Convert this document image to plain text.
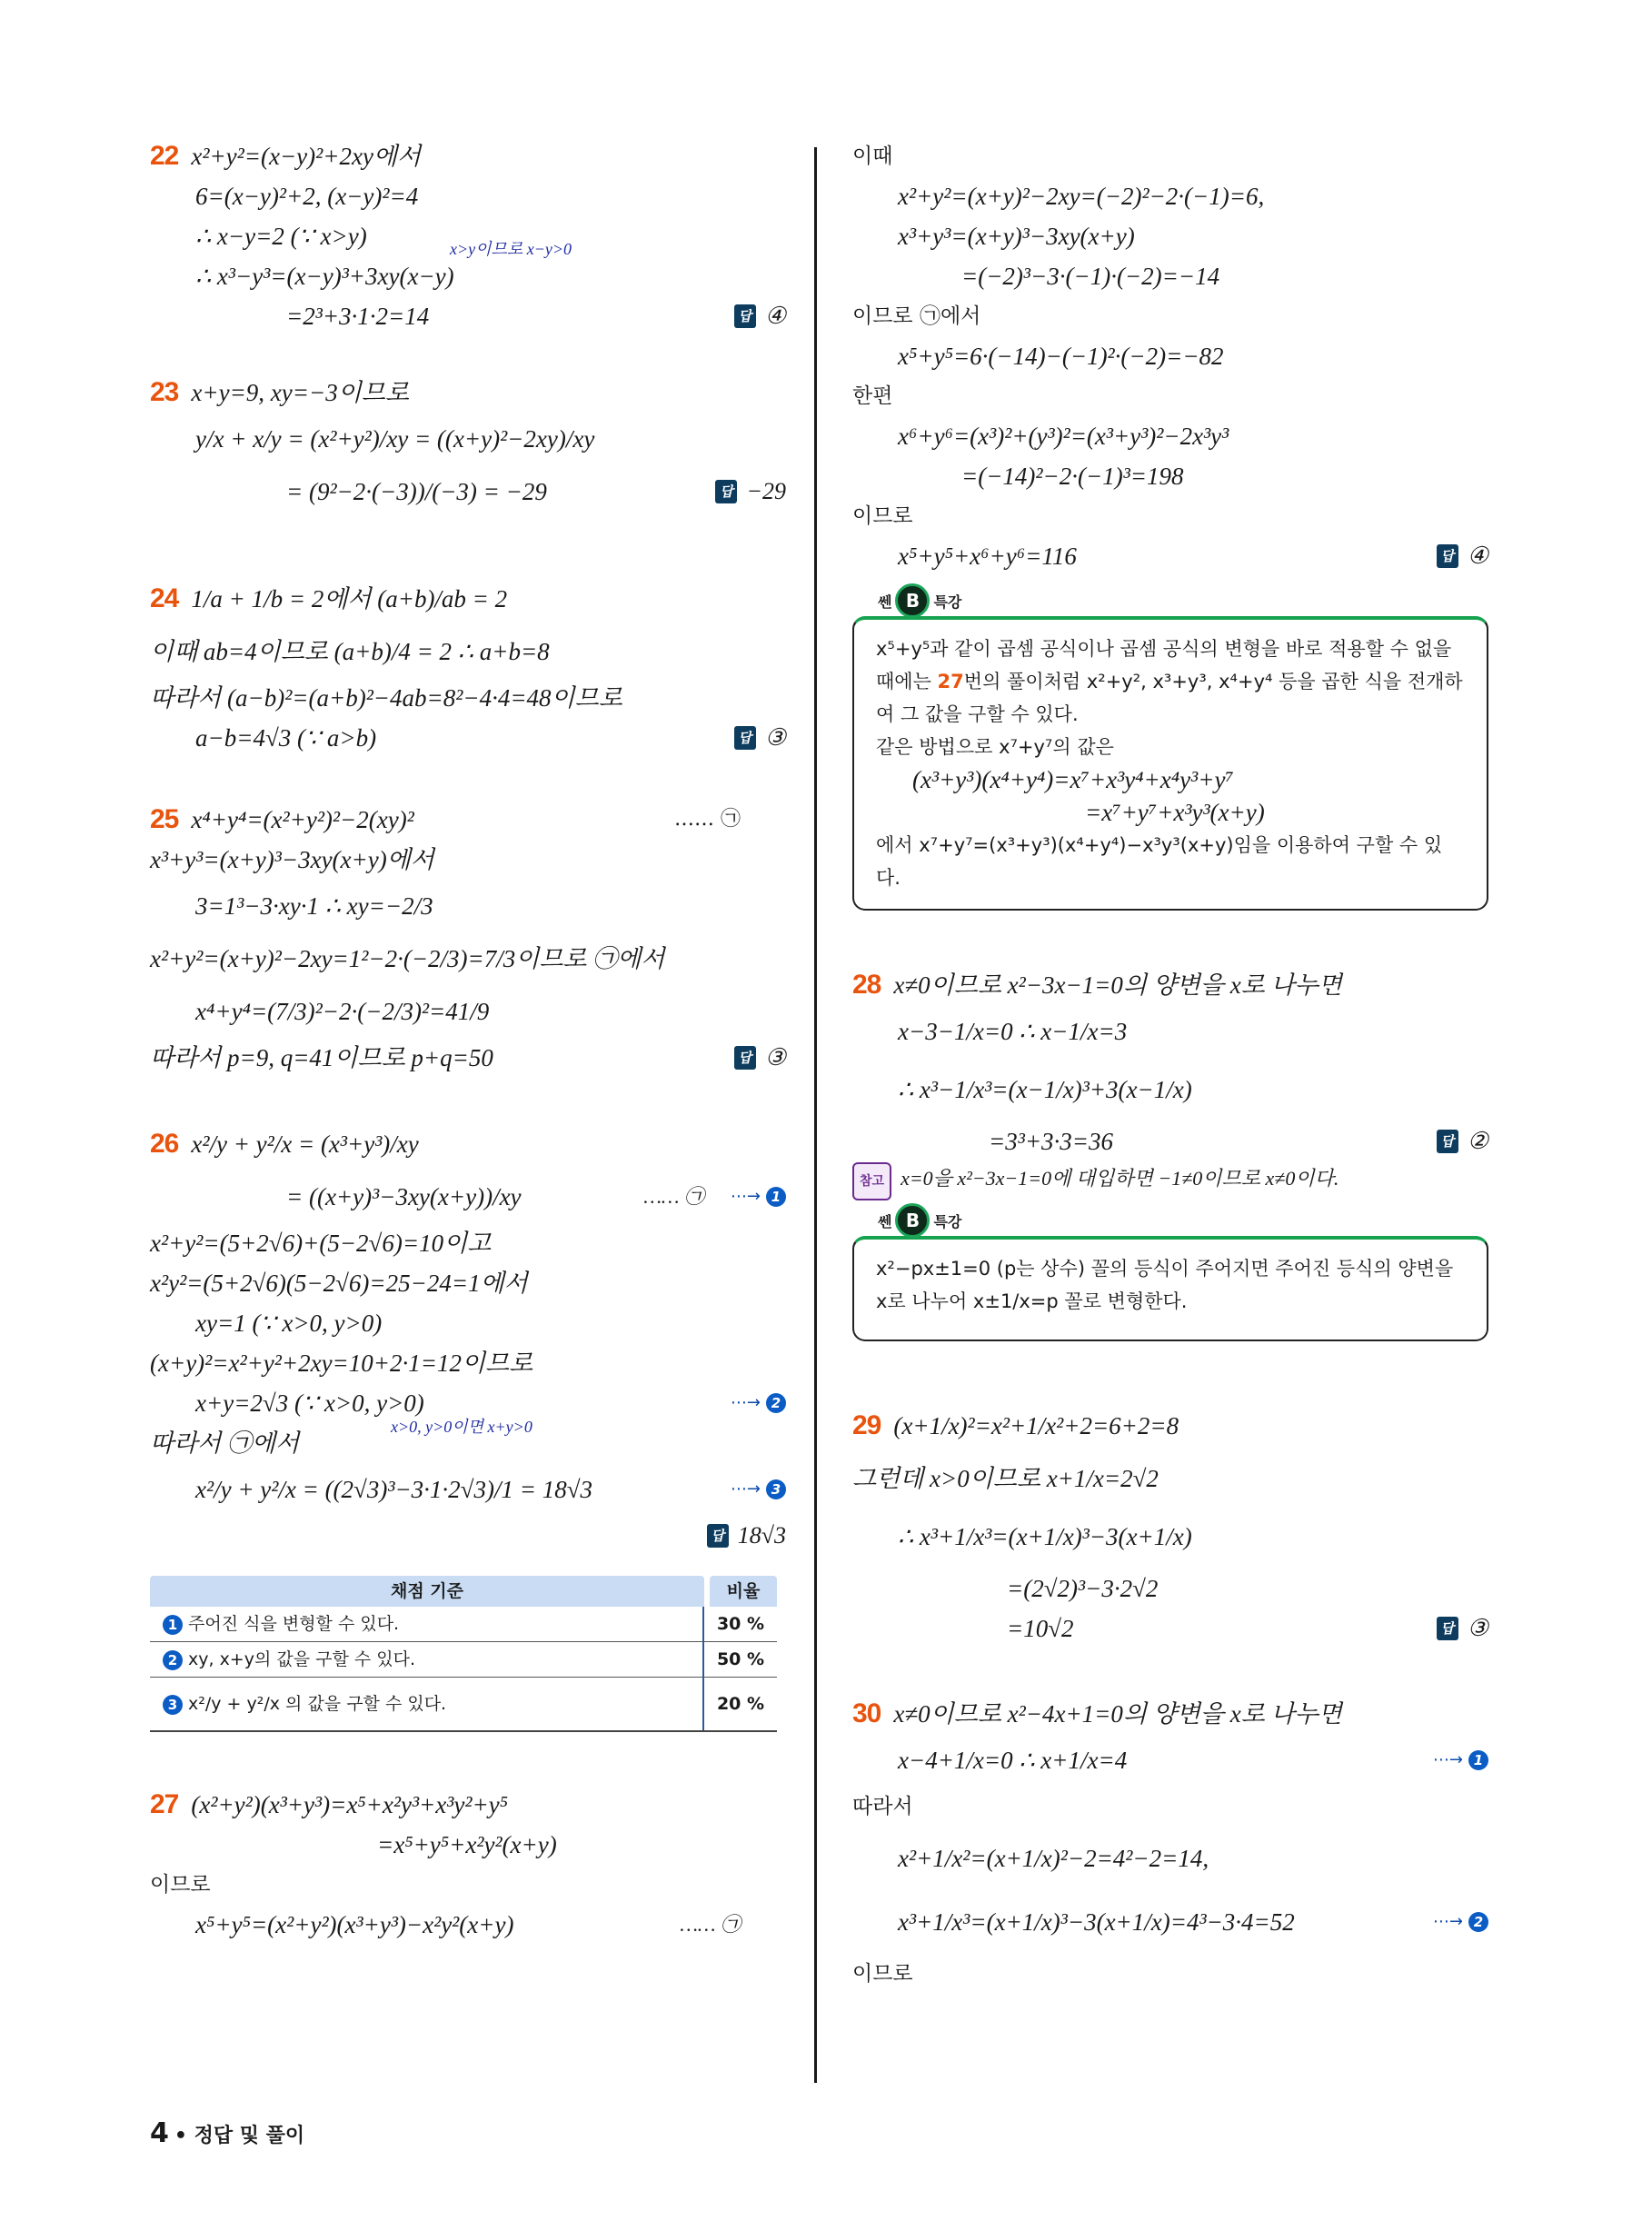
22 x²+y²=(x−y)²+2xy에서
6=(x−y)²+2, (x−y)²=4
∴ x−y=2 (∵ x>y)	x>y이므로 x−y>0
∴ x³−y³=(x−y)³+3xy(x−y)
=2³+3·1·2=14	답 ④
23 x+y=9, xy=−3이므로
y/x + x/y = (x²+y²)/xy = ((x+y)²−2xy)/xy
= (9²−2·(−3))/(−3) = −29	답 −29
24 1/a + 1/b = 2에서 (a+b)/ab = 2
이때 ab=4이므로 (a+b)/4 = 2 ∴ a+b=8
따라서 (a−b)²=(a+b)²−4ab=8²−4·4=48이므로
a−b=4√3 (∵ a>b)	답 ③
25 x⁴+y⁴=(x²+y²)²−2(xy)²	…… ㉠
x³+y³=(x+y)³−3xy(x+y)에서
3=1³−3·xy·1 ∴ xy=−2/3
x²+y²=(x+y)²−2xy=1²−2·(−2/3)=7/3이므로 ㉠에서
x⁴+y⁴=(7/3)²−2·(−2/3)²=41/9
따라서 p=9, q=41이므로 p+q=50	답 ③
26 x²/y + y²/x = (x³+y³)/xy
= ((x+y)³−3xy(x+y))/xy	…… ㉠ ⋯→ 1
x²+y²=(5+2√6)+(5−2√6)=10이고
x²y²=(5+2√6)(5−2√6)=25−24=1에서
xy=1 (∵ x>0, y>0)
(x+y)²=x²+y²+2xy=10+2·1=12이므로
x+y=2√3 (∵ x>0, y>0)	⋯→ 2
x>0, y>0이면 x+y>0
따라서 ㉠에서
x²/y + y²/x = ((2√3)³−3·1·2√3)/1 = 18√3	⋯→ 3
답 18√3
채점 기준	비율
1 주어진 식을 변형할 수 있다.	30 %
2 xy, x+y의 값을 구할 수 있다.	50 %
3 x²/y + y²/x 의 값을 구할 수 있다.	20 %
27 (x²+y²)(x³+y³)=x⁵+x²y³+x³y²+y⁵
=x⁵+y⁵+x²y²(x+y)
이므로
x⁵+y⁵=(x²+y²)(x³+y³)−x²y²(x+y)	…… ㉠
이때
x²+y²=(x+y)²−2xy=(−2)²−2·(−1)=6,
x³+y³=(x+y)³−3xy(x+y)
=(−2)³−3·(−1)·(−2)=−14
이므로 ㉠에서
x⁵+y⁵=6·(−14)−(−1)²·(−2)=−82
한편
x⁶+y⁶=(x³)²+(y³)²=(x³+y³)²−2x³y³
=(−14)²−2·(−1)³=198
이므로
x⁵+y⁵+x⁶+y⁶=116	답 ④
쎈 B 특강
x⁵+y⁵과 같이 곱셈 공식이나 곱셈 공식의 변형을 바로 적용할 수 없을 때에는 27번의 풀이처럼 x²+y², x³+y³, x⁴+y⁴ 등을 곱한 식을 전개하여 그 값을 구할 수 있다.
같은 방법으로 x⁷+y⁷의 값은
(x³+y³)(x⁴+y⁴)=x⁷+x³y⁴+x⁴y³+y⁷
=x⁷+y⁷+x³y³(x+y)
에서 x⁷+y⁷=(x³+y³)(x⁴+y⁴)−x³y³(x+y)임을 이용하여 구할 수 있다.
28 x≠0이므로 x²−3x−1=0의 양변을 x로 나누면
x−3−1/x=0 ∴ x−1/x=3
∴ x³−1/x³=(x−1/x)³+3(x−1/x)
=3³+3·3=36	답 ②
참고 x=0을 x²−3x−1=0에 대입하면 −1≠0이므로 x≠0이다.
쎈 B 특강
x²−px±1=0 (p는 상수) 꼴의 등식이 주어지면 주어진 등식의 양변을 x로 나누어 x±1/x=p 꼴로 변형한다.
29 (x+1/x)²=x²+1/x²+2=6+2=8
그런데 x>0이므로 x+1/x=2√2
∴ x³+1/x³=(x+1/x)³−3(x+1/x)
=(2√2)³−3·2√2
=10√2	답 ③
30 x≠0이므로 x²−4x+1=0의 양변을 x로 나누면
x−4+1/x=0 ∴ x+1/x=4	⋯→ 1
따라서
x²+1/x²=(x+1/x)²−2=4²−2=14,
x³+1/x³=(x+1/x)³−3(x+1/x)=4³−3·4=52	⋯→ 2
이므로
4 • 정답 및 풀이
